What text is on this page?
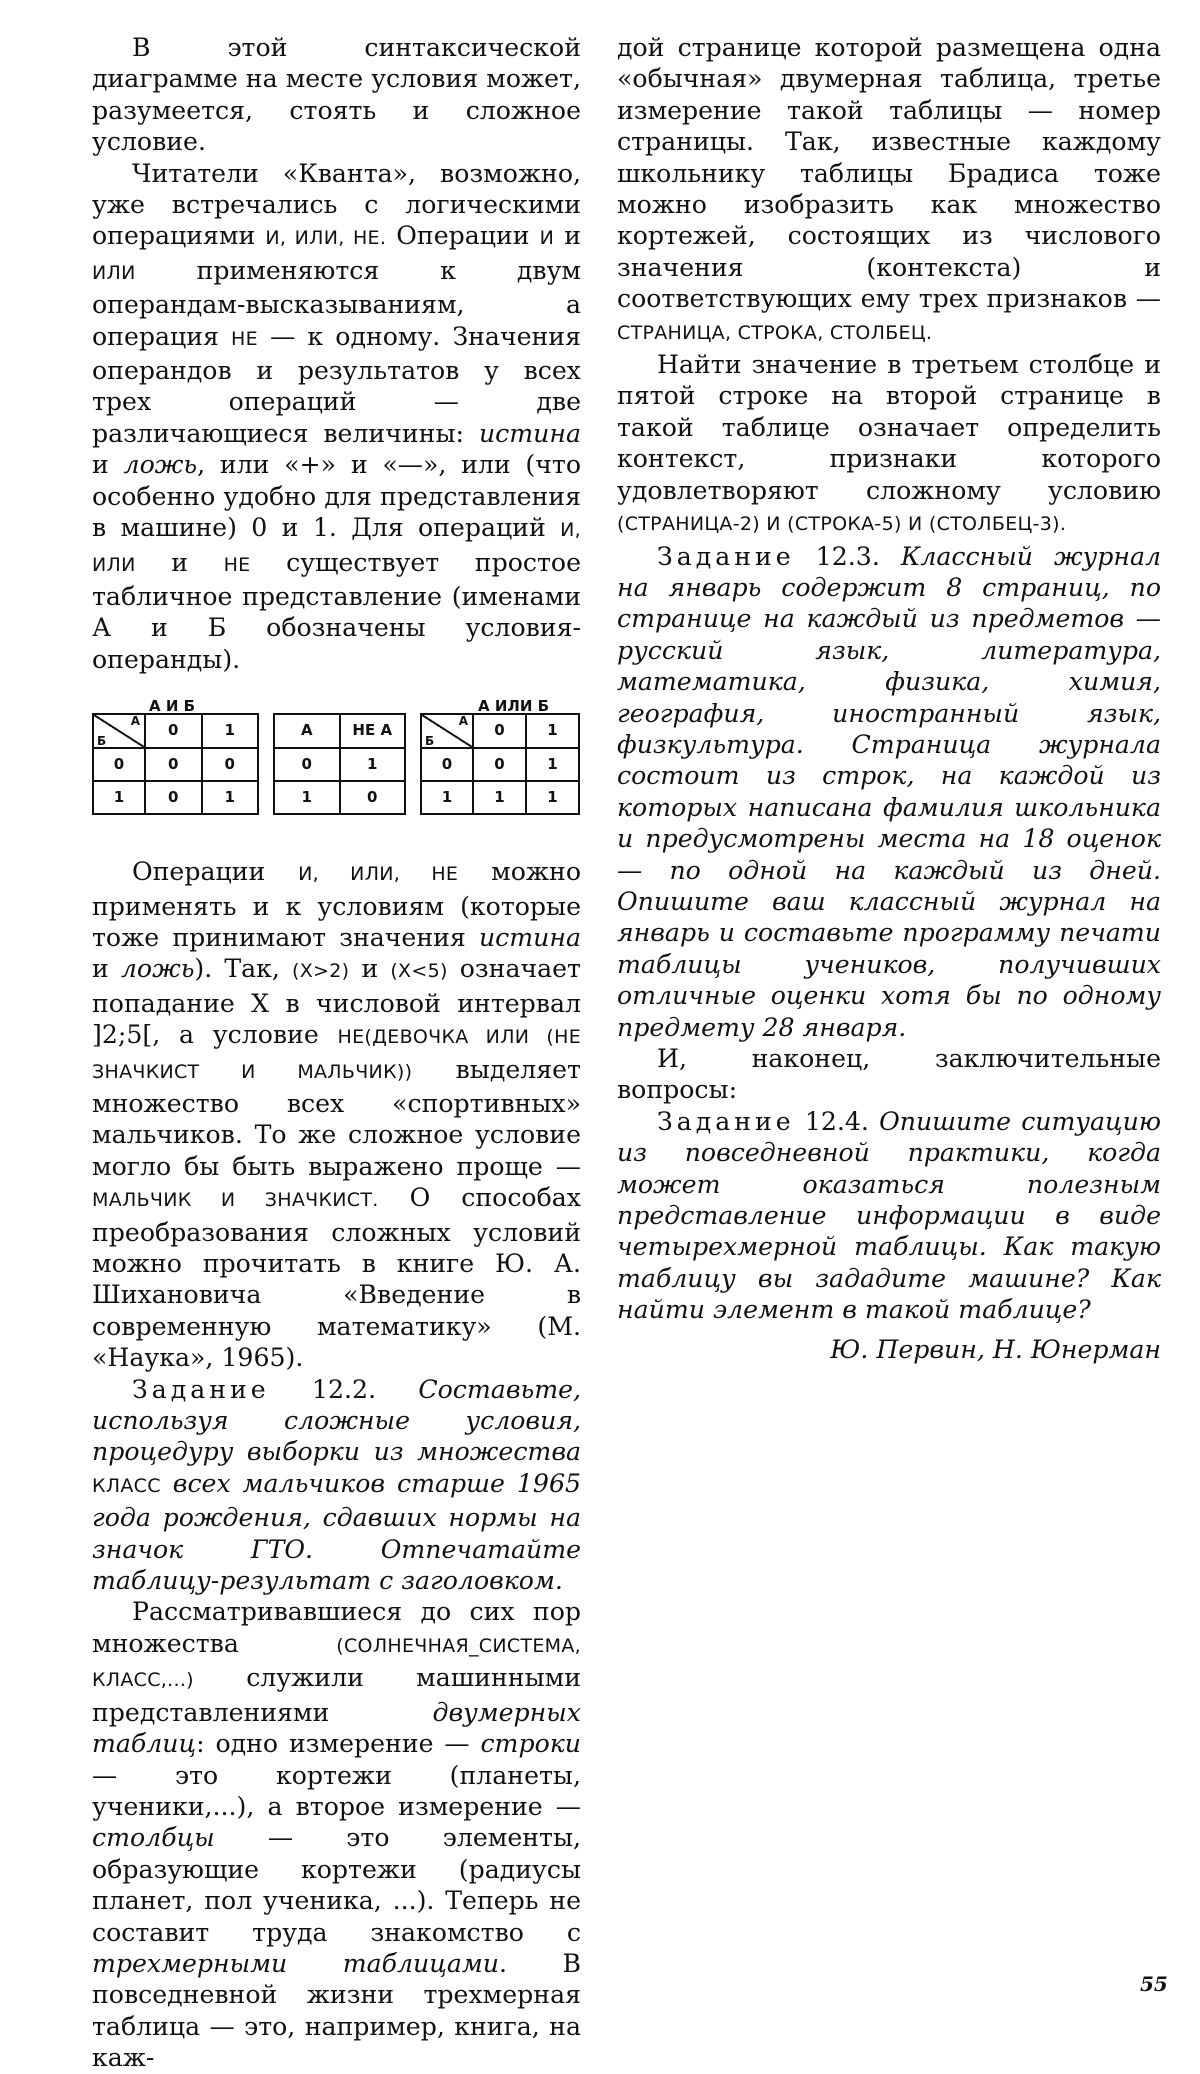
В этой синтаксической диаграмме на месте условия может, разумеется, стоять и сложное условие.

Читатели «Кванта», возможно, уже встречались с логическими операциями И, ИЛИ, НЕ. Операции И и ИЛИ применяются к двум операндам-высказываниям, а операция НЕ — к одному. Значения операндов и результатов у всех трех операций — две различающиеся величины: истина и ложь, или «+» и «—», или (что особенно удобно для представления в машине) 0 и 1. Для операций И, ИЛИ и НЕ существует простое табличное представление (именами А и Б обозначены условия-операнды).

А И Б
А
Б	0	1
0	0	0
1	0	1
А	НЕ А
0	1
1	0
А ИЛИ Б
А
Б	0	1
0	0	1
1	1	1

Операции И, ИЛИ, НЕ можно применять и к условиям (которые тоже принимают значения истина и ложь). Так, (X>2) и (X<5) означает попадание X в числовой интервал ]2;5[, а условие НЕ(ДЕВОЧКА ИЛИ (НЕ ЗНАЧКИСТ И МАЛЬЧИК)) выделяет множество всех «спортивных» мальчиков. То же сложное условие могло бы быть выражено проще — МАЛЬЧИК И ЗНАЧКИСТ. О способах преобразования сложных условий можно прочитать в книге Ю. А. Шихановича «Введение в современную математику» (М. «Наука», 1965).

Задание 12.2. Составьте, используя сложные условия, процедуру выборки из множества КЛАСС всех мальчиков старше 1965 года рождения, сдавших нормы на значок ГТО. Отпечатайте таблицу-результат с заголовком.

Рассматривавшиеся до сих пор множества (СОЛНЕЧНАЯ_СИСТЕМА, КЛАСС,...) служили машинными представлениями двумерных таблиц: одно измерение — строки — это кортежи (планеты, ученики,...), а второе измерение — столбцы — это элементы, образующие кортежи (радиусы планет, пол ученика, ...). Теперь не составит труда знакомство с трехмерными таблицами. В повседневной жизни трехмерная таблица — это, например, книга, на каж-

дой странице которой размещена одна «обычная» двумерная таблица, третье измерение такой таблицы — номер страницы. Так, известные каждому школьнику таблицы Брадиса тоже можно изобразить как множество кортежей, состоящих из числового значения (контекста) и соответствующих ему трех признаков — СТРАНИЦА, СТРОКА, СТОЛБЕЦ.

Найти значение в третьем столбце и пятой строке на второй странице в такой таблице означает определить контекст, признаки которого удовлетворяют сложному условию (СТРАНИЦА-2) И (СТРОКА-5) И (СТОЛБЕЦ-3).

Задание 12.3. Классный журнал на январь содержит 8 страниц, по странице на каждый из предметов — русский язык, литература, математика, физика, химия, география, иностранный язык, физкультура. Страница журнала состоит из строк, на каждой из которых написана фамилия школьника и предусмотрены места на 18 оценок — по одной на каждый из дней. Опишите ваш классный журнал на январь и составьте программу печати таблицы учеников, получивших отличные оценки хотя бы по одному предмету 28 января.

И, наконец, заключительные вопросы:

Задание 12.4. Опишите ситуацию из повседневной практики, когда может оказаться полезным представление информации в виде четырехмерной таблицы. Как такую таблицу вы зададите машине? Как найти элемент в такой таблице?

Ю. Первин, Н. Юнерман

55
